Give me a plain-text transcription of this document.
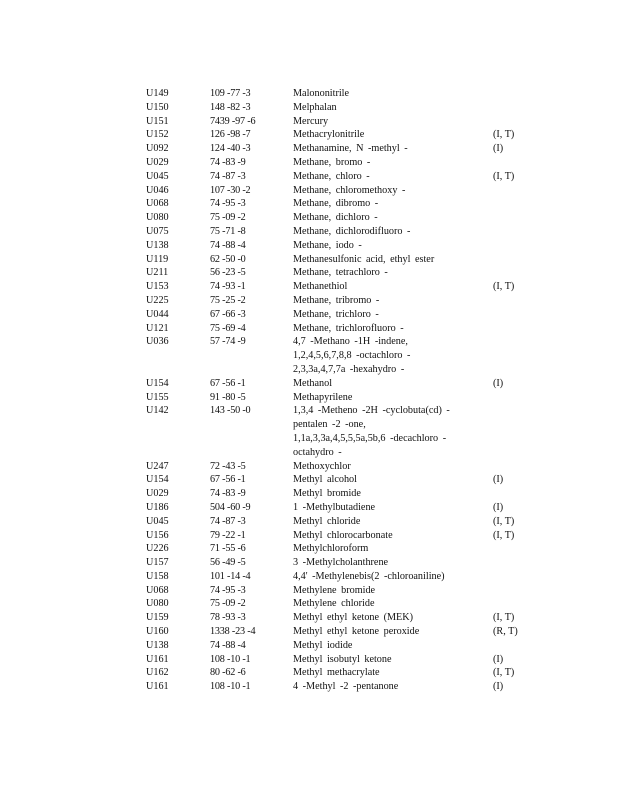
U149	109 -77 -3	Malononitrile
U150	148 -82 -3	Melphalan
U151	7439 -97 -6	Mercury
U152	126 -98 -7	Methacrylonitrile	(I, T)
U092	124 -40 -3	Methanamine, N -methyl -	(I)
U029	74 -83 -9	Methane, bromo -
U045	74 -87 -3	Methane, chloro -	(I, T)
U046	107 -30 -2	Methane, chloromethoxy -
U068	74 -95 -3	Methane, dibromo -
U080	75 -09 -2	Methane, dichloro -
U075	75 -71 -8	Methane, dichlorodifluoro -
U138	74 -88 -4	Methane, iodo -
U119	62 -50 -0	Methanesulfonic acid, ethyl ester
U211	56 -23 -5	Methane, tetrachloro -
U153	74 -93 -1	Methanethiol	(I, T)
U225	75 -25 -2	Methane, tribromo -
U044	67 -66 -3	Methane, trichloro -
U121	75 -69 -4	Methane, trichlorofluoro -
U036	57 -74 -9	4,7 -Methano -1H -indene,
1,2,4,5,6,7,8,8 -octachloro -
2,3,3a,4,7,7a -hexahydro -
U154	67 -56 -1	Methanol	(I)
U155	91 -80 -5	Methapyrilene
U142	143 -50 -0	1,3,4 -Metheno -2H -cyclobuta(cd) -
pentalen -2 -one,
1,1a,3,3a,4,5,5,5a,5b,6 -decachloro -
octahydro -
U247	72 -43 -5	Methoxychlor
U154	67 -56 -1	Methyl alcohol	(I)
U029	74 -83 -9	Methyl bromide
U186	504 -60 -9	1 -Methylbutadiene	(I)
U045	74 -87 -3	Methyl chloride	(I, T)
U156	79 -22 -1	Methyl chlorocarbonate	(I, T)
U226	71 -55 -6	Methylchloroform
U157	56 -49 -5	3 -Methylcholanthrene
U158	101 -14 -4	4,4' -Methylenebis(2 -chloroaniline)
U068	74 -95 -3	Methylene bromide
U080	75 -09 -2	Methylene chloride
U159	78 -93 -3	Methyl ethyl ketone (MEK)	(I, T)
U160	1338 -23 -4	Methyl ethyl ketone peroxide	(R, T)
U138	74 -88 -4	Methyl iodide
U161	108 -10 -1	Methyl isobutyl ketone	(I)
U162	80 -62 -6	Methyl methacrylate	(I, T)
U161	108 -10 -1	4 -Methyl -2 -pentanone	(I)
